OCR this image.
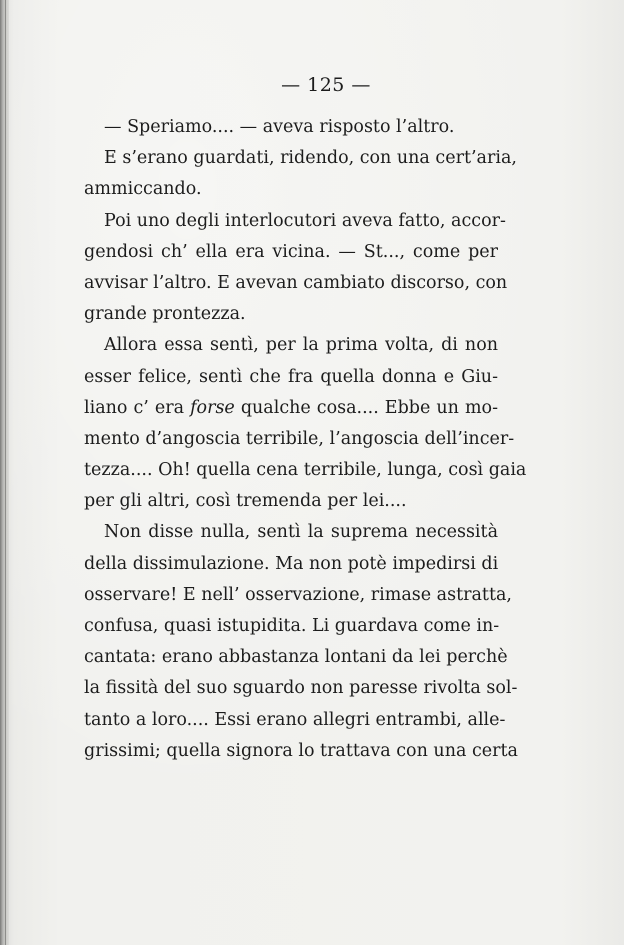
— 125 —
— Speriamo.... — aveva risposto l’altro.
E s’erano guardati, ridendo, con una cert’aria,
ammiccando.
Poi uno degli interlocutori aveva fatto, accor-
gendosi ch’ ella era vicina. — St..., come per
avvisar l’altro. E avevan cambiato discorso, con
grande prontezza.
Allora essa sentì, per la prima volta, di non
esser felice, sentì che fra quella donna e Giu-
liano c’ era forse qualche cosa.... Ebbe un mo-
mento d’angoscia terribile, l’angoscia dell’incer-
tezza.... Oh! quella cena terribile, lunga, così gaia
per gli altri, così tremenda per lei....
Non disse nulla, sentì la suprema necessità
della dissimulazione. Ma non potè impedirsi di
osservare! E nell’ osservazione, rimase astratta,
confusa, quasi istupidita. Li guardava come in-
cantata: erano abbastanza lontani da lei perchè
la fissità del suo sguardo non paresse rivolta sol-
tanto a loro.... Essi erano allegri entrambi, alle-
grissimi; quella signora lo trattava con una certa
